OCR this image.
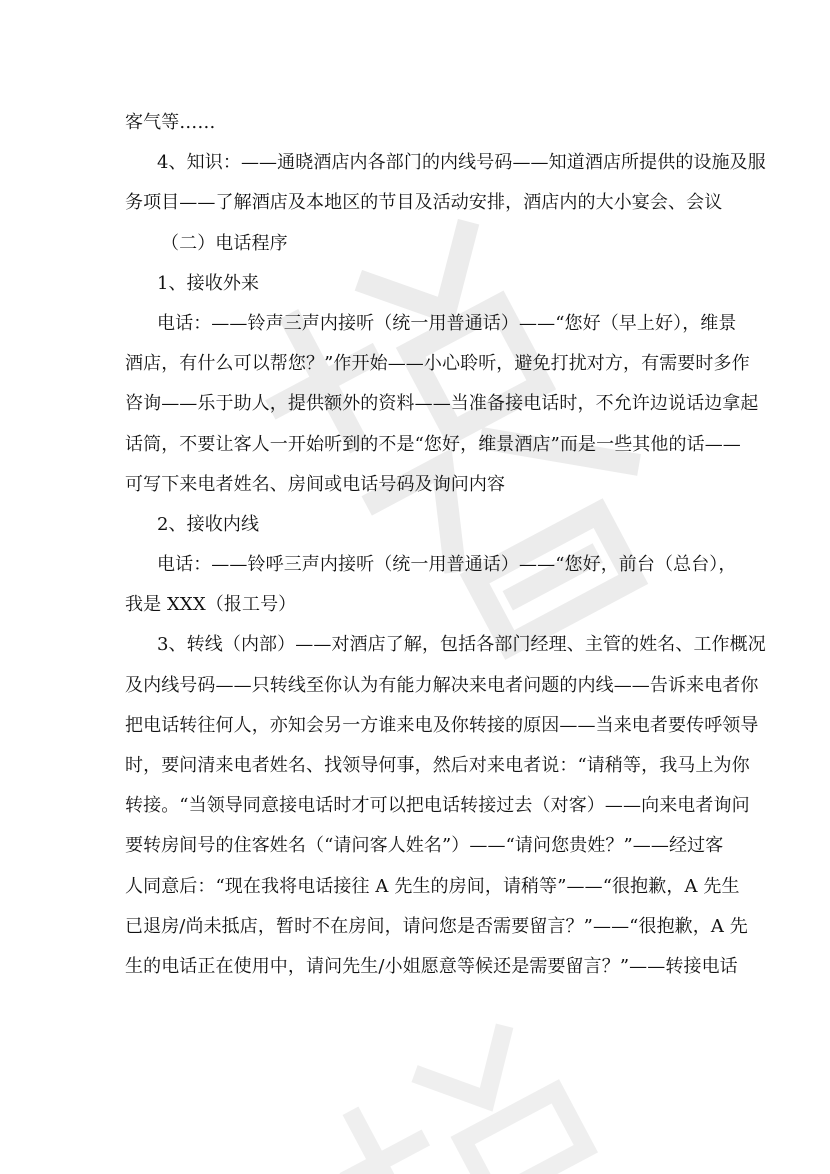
客气等……
4、知识：——通晓酒店内各部门的内线号码——知道酒店所提供的设施及服
务项目——了解酒店及本地区的节目及活动安排，酒店内的大小宴会、会议
（二）电话程序
1、接收外来
电话：——铃声三声内接听（统一用普通话）——“您好（早上好），维景
酒店，有什么可以帮您？”作开始——小心聆听，避免打扰对方，有需要时多作
咨询——乐于助人，提供额外的资料——当准备接电话时，不允许边说话边拿起
话筒，不要让客人一开始听到的不是“您好，维景酒店”而是一些其他的话——
可写下来电者姓名、房间或电话号码及询问内容
2、接收内线
电话：——铃呼三声内接听（统一用普通话）——“您好，前台（总台），
我是 XXX（报工号）
3、转线（内部）——对酒店了解，包括各部门经理、主管的姓名、工作概况
及内线号码——只转线至你认为有能力解决来电者问题的内线——告诉来电者你
把电话转往何人，亦知会另一方谁来电及你转接的原因——当来电者要传呼领导
时，要问清来电者姓名、找领导何事，然后对来电者说：“请稍等，我马上为你
转接。“当领导同意接电话时才可以把电话转接过去（对客）——向来电者询问
要转房间号的住客姓名（“请问客人姓名”）——“请问您贵姓？”——经过客
人同意后：“现在我将电话接往 A 先生的房间，请稍等”——“很抱歉，A 先生
已退房/尚未抵店，暂时不在房间，请问您是否需要留言？”——“很抱歉，A 先
生的电话正在使用中，请问先生/小姐愿意等候还是需要留言？”——转接电话
